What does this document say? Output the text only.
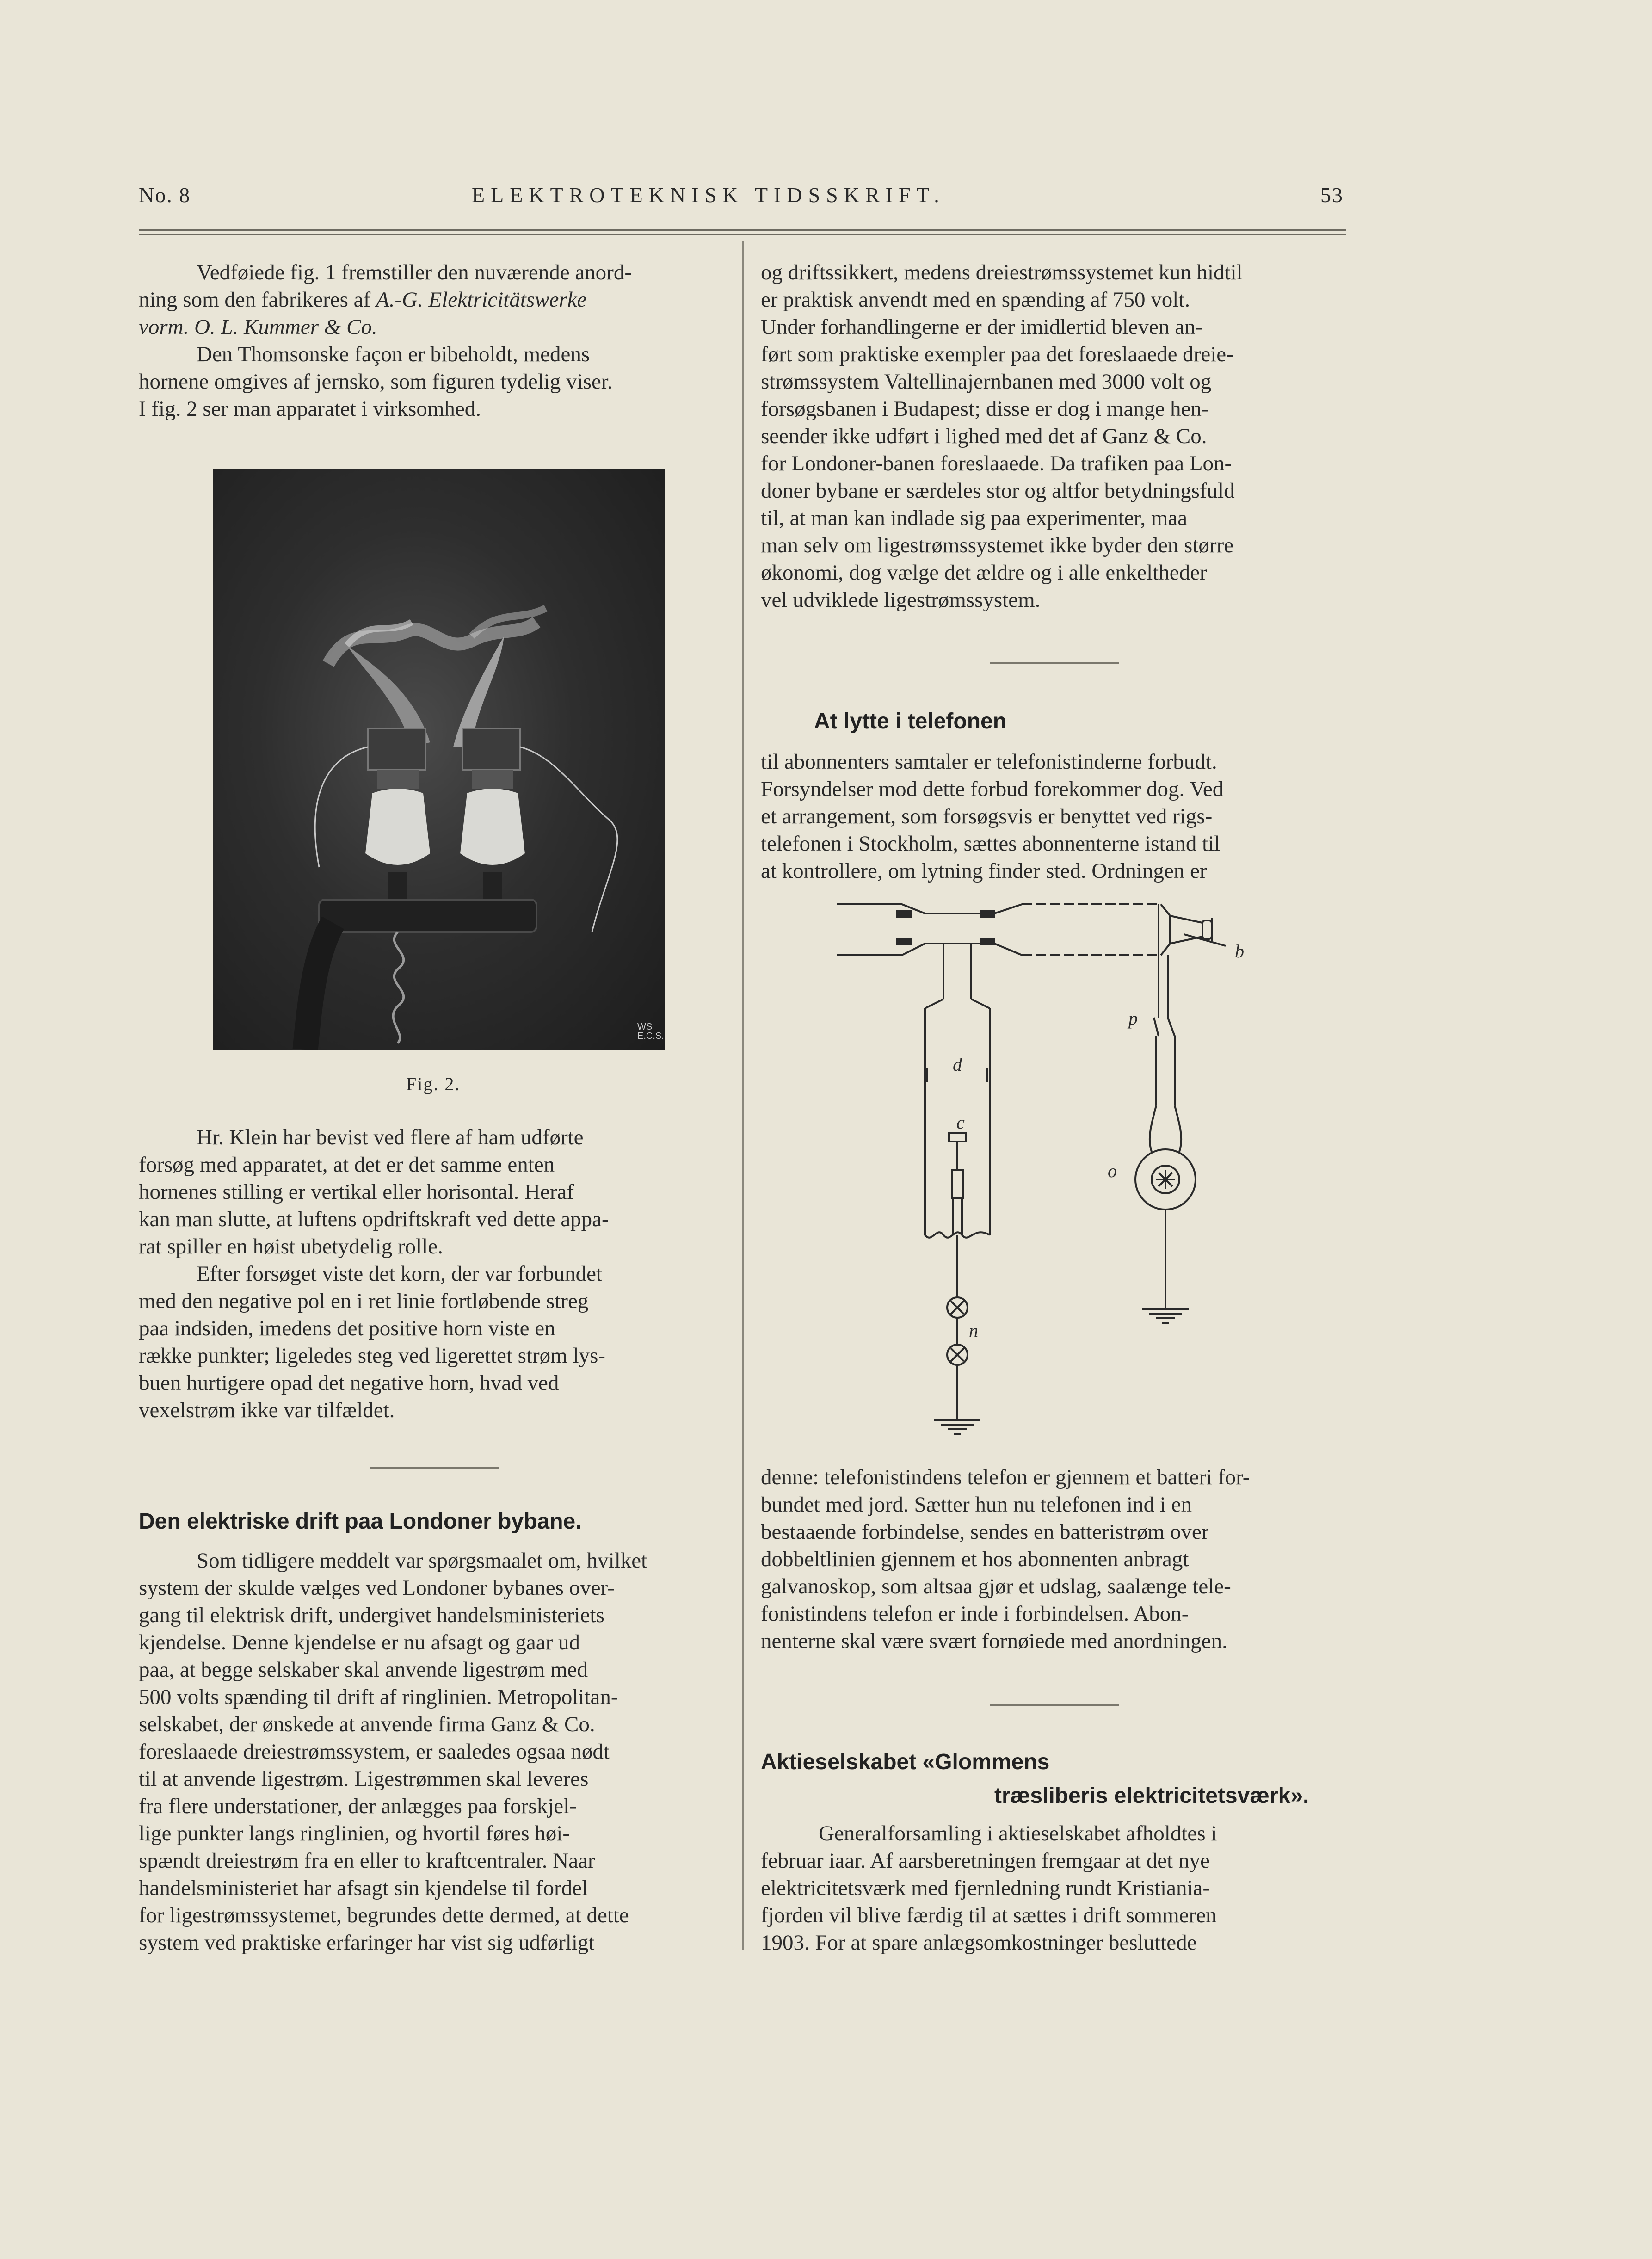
No. 8	ELEKTROTEKNISK TIDSSKRIFT.	53

Vedføiede fig. 1 fremstiller den nuværende anord-

ning som den fabrikeres af A.-G. Elektricitätswerke

vorm. O. L. Kummer & Co.

Den Thomsonske façon er bibeholdt, medens

hornene omgives af jernsko, som figuren tydelig viser.

I fig. 2 ser man apparatet i virksomhed.

WS E.C.S.
Fig. 2.

Hr. Klein har bevist ved flere af ham udførte

forsøg med apparatet, at det er det samme enten

hornenes stilling er vertikal eller horisontal. Heraf

kan man slutte, at luftens opdriftskraft ved dette appa-

rat spiller en høist ubetydelig rolle.

Efter forsøget viste det korn, der var forbundet

med den negative pol en i ret linie fortløbende streg

paa indsiden, imedens det positive horn viste en

række punkter; ligeledes steg ved ligerettet strøm lys-

buen hurtigere opad det negative horn, hvad ved

vexelstrøm ikke var tilfældet.

Den elektriske drift paa Londoner bybane.

Som tidligere meddelt var spørgsmaalet om, hvilket

system der skulde vælges ved Londoner bybanes over-

gang til elektrisk drift, undergivet handelsministeriets

kjendelse. Denne kjendelse er nu afsagt og gaar ud

paa, at begge selskaber skal anvende ligestrøm med

500 volts spænding til drift af ringlinien. Metropolitan-

selskabet, der ønskede at anvende firma Ganz & Co.

foreslaaede dreiestrømssystem, er saaledes ogsaa nødt

til at anvende ligestrøm. Ligestrømmen skal leveres

fra flere understationer, der anlægges paa forskjel-

lige punkter langs ringlinien, og hvortil føres høi-

spændt dreiestrøm fra en eller to kraftcentraler. Naar

handelsministeriet har afsagt sin kjendelse til fordel

for ligestrømssystemet, begrundes dette dermed, at dette

system ved praktiske erfaringer har vist sig udførligt

og driftssikkert, medens dreiestrømssystemet kun hidtil

er praktisk anvendt med en spænding af 750 volt.

Under forhandlingerne er der imidlertid bleven an-

ført som praktiske exempler paa det foreslaaede dreie-

strømssystem Valtellinajernbanen med 3000 volt og

forsøgsbanen i Budapest; disse er dog i mange hen-

seender ikke udført i lighed med det af Ganz & Co.

for Londoner-banen foreslaaede. Da trafiken paa Lon-

doner bybane er særdeles stor og altfor betydningsfuld

til, at man kan indlade sig paa experimenter, maa

man selv om ligestrømssystemet ikke byder den større

økonomi, dog vælge det ældre og i alle enkeltheder

vel udviklede ligestrømssystem.

At lytte i telefonen

til abonnenters samtaler er telefonistinderne forbudt.

Forsyndelser mod dette forbud forekommer dog. Ved

et arrangement, som forsøgsvis er benyttet ved rigs-

telefonen i Stockholm, sættes abonnenterne istand til

at kontrollere, om lytning finder sted. Ordningen er

b
d
c
p
o
n

denne: telefonistindens telefon er gjennem et batteri for-

bundet med jord. Sætter hun nu telefonen ind i en

bestaaende forbindelse, sendes en batteristrøm over

dobbeltlinien gjennem et hos abonnenten anbragt

galvanoskop, som altsaa gjør et udslag, saalænge tele-

fonistindens telefon er inde i forbindelsen. Abon-

nenterne skal være svært fornøiede med anordningen.

Aktieselskabet «Glommens
træsliberis elektricitetsværk».

Generalforsamling i aktieselskabet afholdtes i

februar iaar. Af aarsberetningen fremgaar at det nye

elektricitetsværk med fjernledning rundt Kristiania-

fjorden vil blive færdig til at sættes i drift sommeren

1903. For at spare anlægsomkostninger besluttede
